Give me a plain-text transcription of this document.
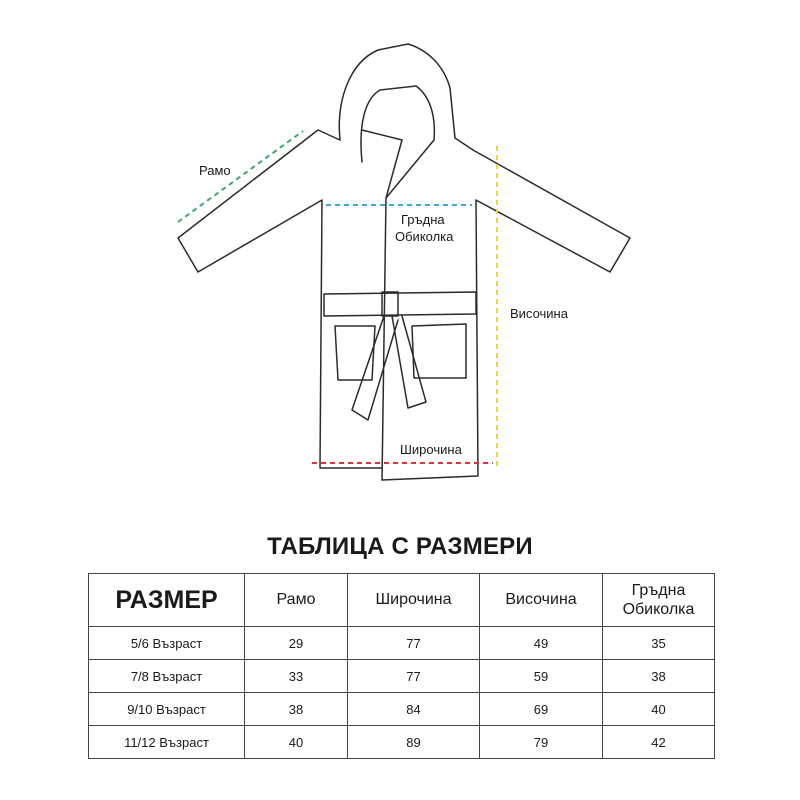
Рамо
Гръдна
Обиколка
Височина
Широчина
ТАБЛИЦА С РАЗМЕРИ
РАЗМЕР	Рамо	Широчина	Височина	Гръдна
Обиколка
5/6 Възраст	29	77	49	35
7/8 Възраст	33	77	59	38
9/10 Възраст	38	84	69	40
11/12 Възраст	40	89	79	42
